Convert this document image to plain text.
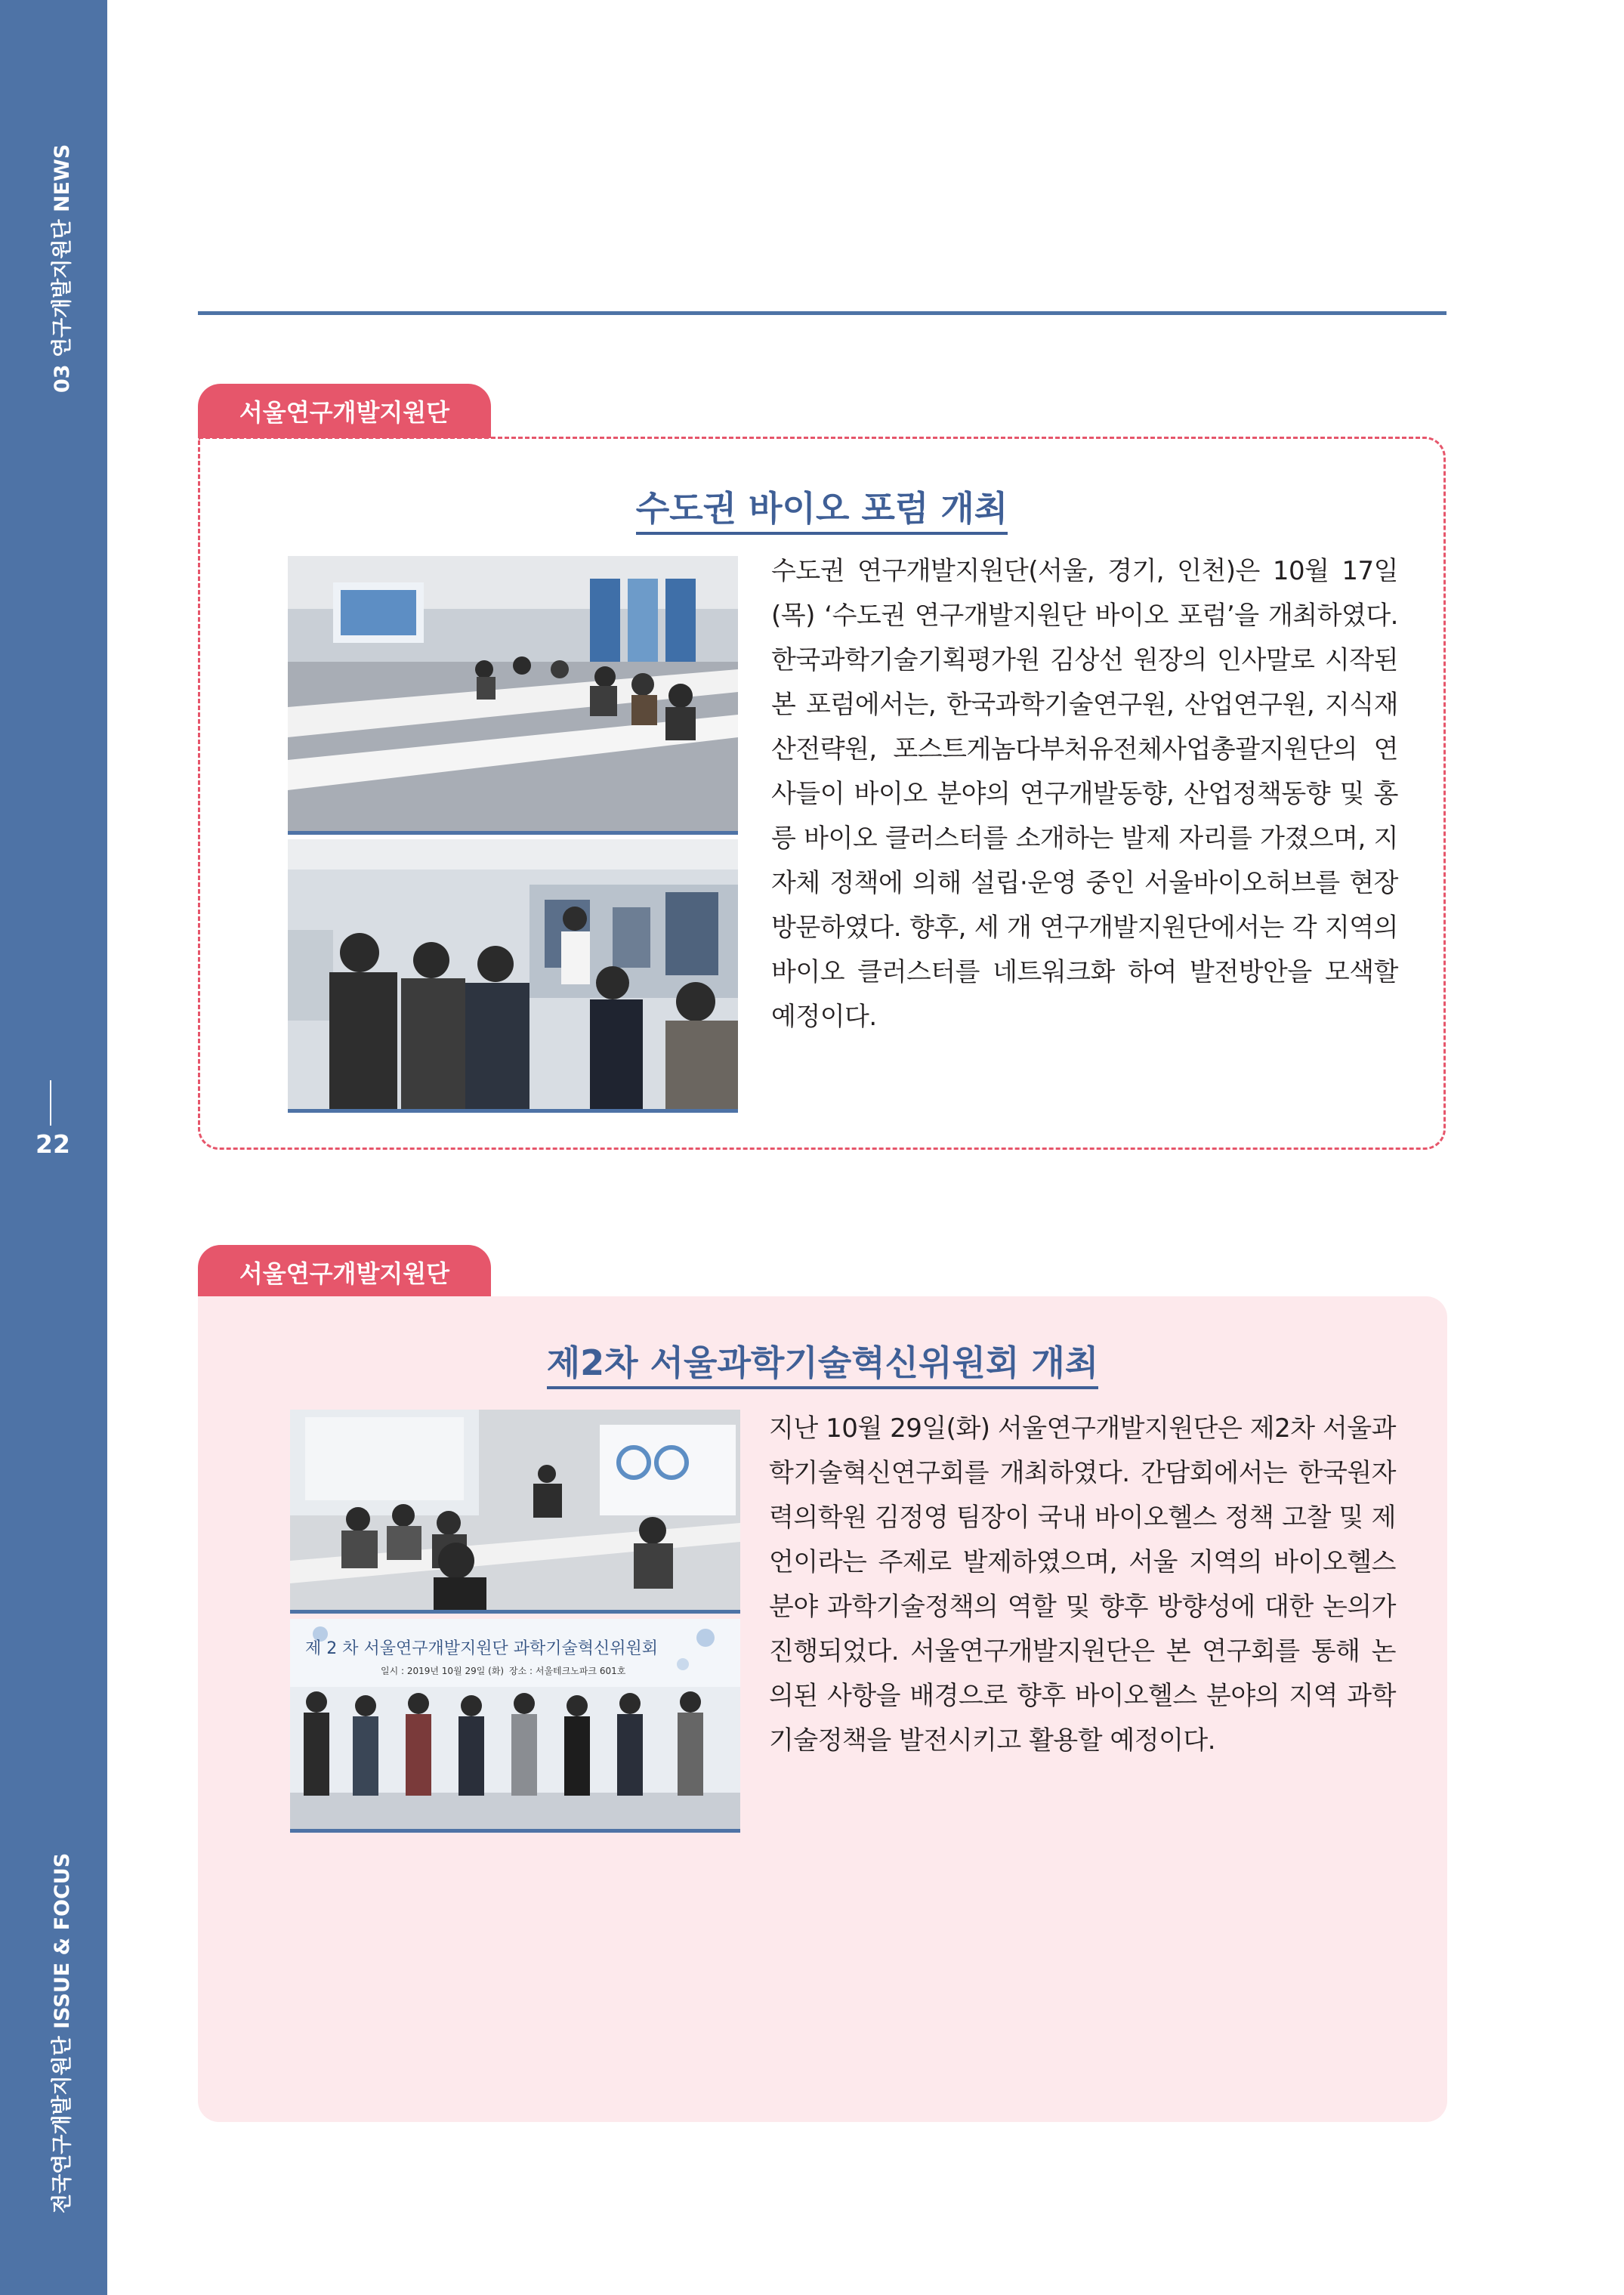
03 연구개발지원단 NEWS
22
전국연구개발지원단 ISSUE & FOCUS
서울연구개발지원단
수도권 바이오 포럼 개최

수도권 연구개발지원단(서울, 경기, 인천)은 10월 17일(목) ‘수도권 연구개발지원단 바이오 포럼’을 개최하였다. 한국과학기술기획평가원 김상선 원장의 인사말로 시작된 본 포럼에서는, 한국과학기술연구원, 산업연구원, 지식재산전략원, 포스트게놈다부처유전체사업총괄지원단의 연사들이 바이오 분야의 연구개발동향, 산업정책동향 및 홍릉 바이오 클러스터를 소개하는 발제 자리를 가졌으며, 지자체 정책에 의해 설립·운영 중인 서울바이오허브를 현장 방문하였다. 향후, 세 개 연구개발지원단에서는 각 지역의 바이오 클러스터를 네트워크화 하여 발전방안을 모색할 예정이다.

서울연구개발지원단
제2차 서울과학기술혁신위원회 개최
제 2 차 서울연구개발지원단 과학기술혁신위원회
일시 : 2019년 10월 29일 (화) 장소 : 서울테크노파크 601호

지난 10월 29일(화) 서울연구개발지원단은 제2차 서울과학기술혁신연구회를 개최하였다. 간담회에서는 한국원자력의학원 김정영 팀장이 국내 바이오헬스 정책 고찰 및 제언이라는 주제로 발제하였으며, 서울 지역의 바이오헬스 분야 과학기술정책의 역할 및 향후 방향성에 대한 논의가 진행되었다. 서울연구개발지원단은 본 연구회를 통해 논의된 사항을 배경으로 향후 바이오헬스 분야의 지역 과학기술정책을 발전시키고 활용할 예정이다.
